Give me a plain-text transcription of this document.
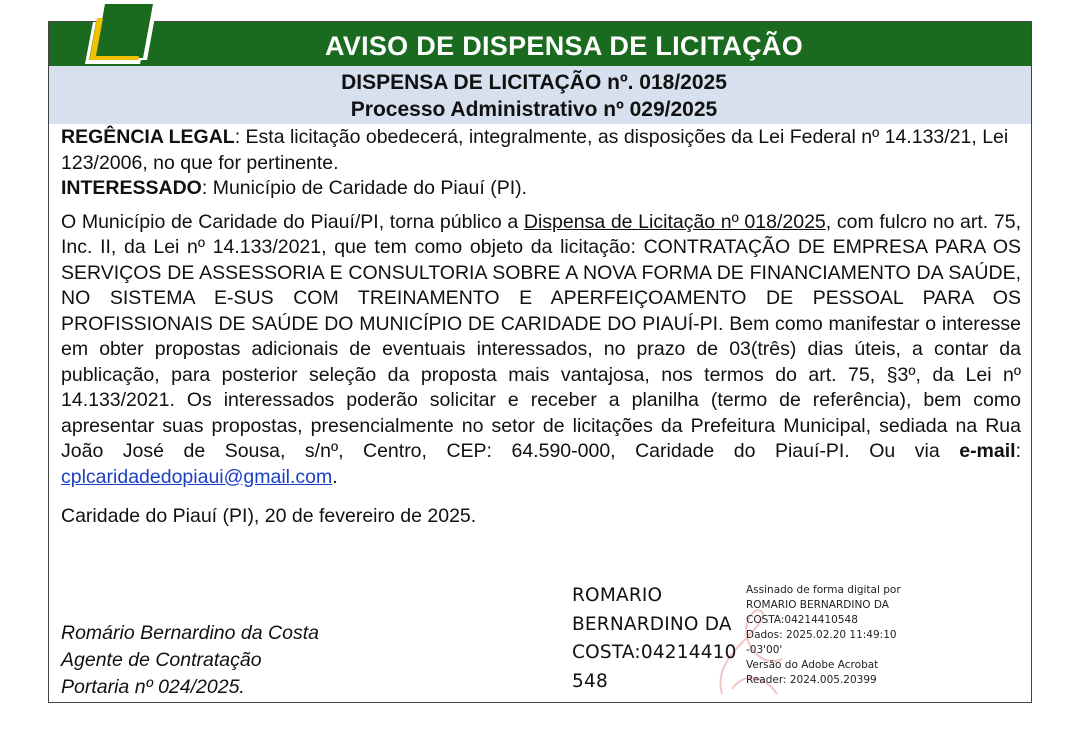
AVISO DE DISPENSA DE LICITAÇÃO
DISPENSA DE LICITAÇÃO nº. 018/2025
Processo Administrativo nº 029/2025

REGÊNCIA LEGAL: Esta licitação obedecerá, integralmente, as disposições da Lei Federal nº 14.133/21, Lei 123/2006, no que for pertinente.

INTERESSADO: Município de Caridade do Piauí (PI).

O Município de Caridade do Piauí/PI, torna público a Dispensa de Licitação nº 018/2025, com fulcro no art. 75, Inc. II, da Lei nº 14.133/2021, que tem como objeto da licitação: CONTRATAÇÃO DE EMPRESA PARA OS SERVIÇOS DE ASSESSORIA E CONSULTORIA SOBRE A NOVA FORMA DE FINANCIAMENTO DA SAÚDE, NO SISTEMA E-SUS COM TREINAMENTO E APERFEIÇOAMENTO DE PESSOAL PARA OS PROFISSIONAIS DE SAÚDE DO MUNICÍPIO DE CARIDADE DO PIAUÍ-PI. Bem como manifestar o interesse em obter propostas adicionais de eventuais interessados, no prazo de 03(três) dias úteis, a contar da publicação, para posterior seleção da proposta mais vantajosa, nos termos do art. 75, §3º, da Lei nº 14.133/2021. Os interessados poderão solicitar e receber a planilha (termo de referência), bem como apresentar suas propostas, presencialmente no setor de licitações da Prefeitura Municipal, sediada na Rua João José de Sousa, s/nº, Centro, CEP: 64.590-000, Caridade do Piauí-PI. Ou via e-mail: cplcaridadedopiaui@gmail.com.

Caridade do Piauí (PI), 20 de fevereiro de 2025.

Romário Bernardino da Costa
Agente de Contratação
Portaria nº 024/2025.
ROMARIO
BERNARDINO DA
COSTA:04214410
548
Assinado de forma digital por
ROMARIO BERNARDINO DA
COSTA:04214410548
Dados: 2025.02.20 11:49:10
-03'00'
Versão do Adobe Acrobat
Reader: 2024.005.20399
